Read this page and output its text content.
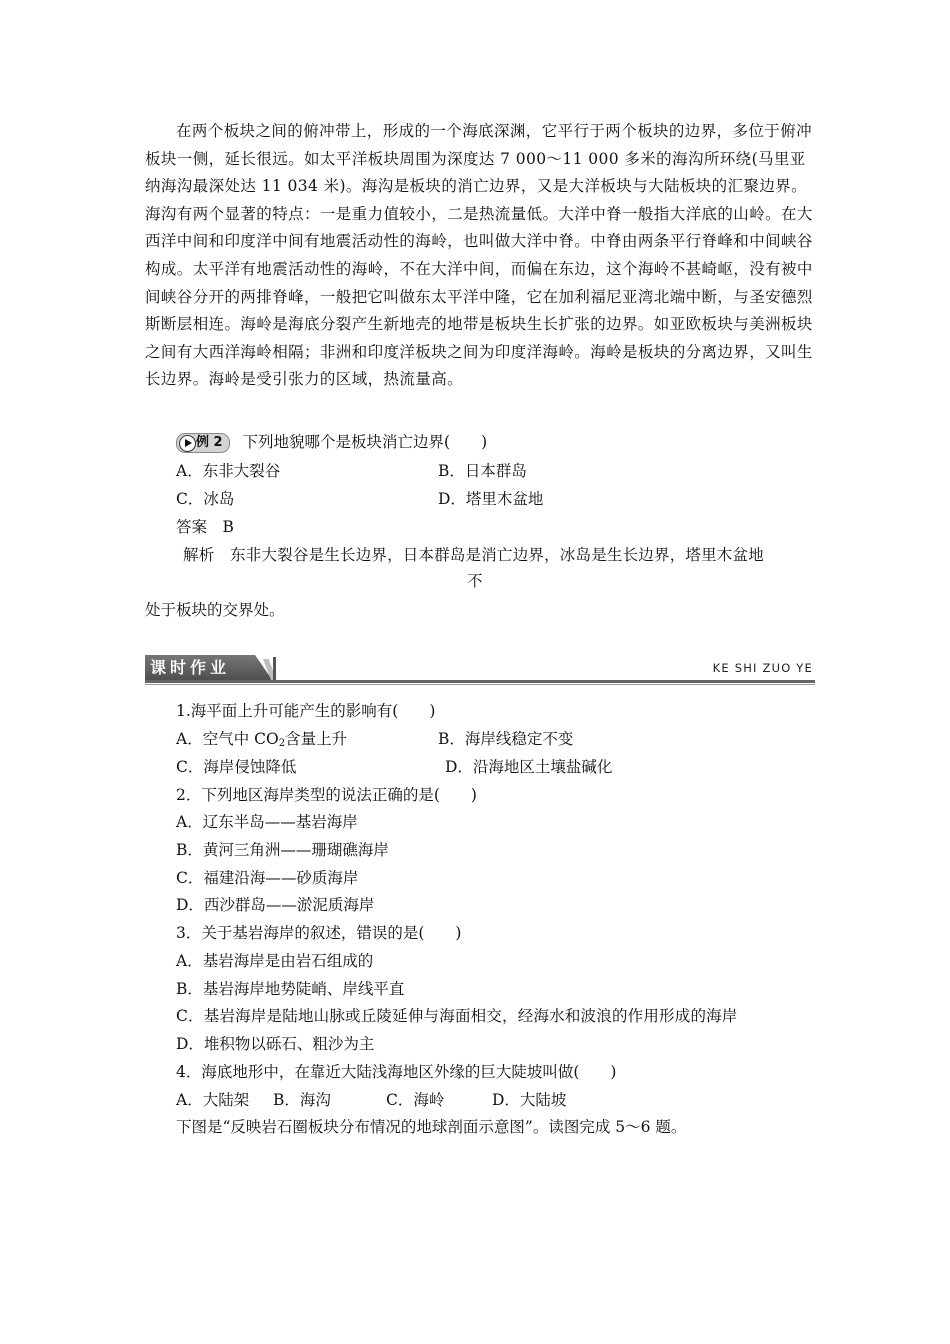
在两个板块之间的俯冲带上，形成的一个海底深渊，它平行于两个板块的边界，多位于俯冲板块一侧，延长很远。如太平洋板块周围为深度达 7 000～11 000 多米的海沟所环绕(马里亚纳海沟最深处达 11 034 米)。海沟是板块的消亡边界，又是大洋板块与大陆板块的汇聚边界。海沟有两个显著的特点：一是重力值较小，二是热流量低。大洋中脊一般指大洋底的山岭。在大西洋中间和印度洋中间有地震活动性的海岭，也叫做大洋中脊。中脊由两条平行脊峰和中间峡谷构成。太平洋有地震活动性的海岭，不在大洋中间，而偏在东边，这个海岭不甚崎岖，没有被中间峡谷分开的两排脊峰，一般把它叫做东太平洋中隆，它在加利福尼亚湾北端中断，与圣安德烈斯断层相连。海岭是海底分裂产生新地壳的地带是板块生长扩张的边界。如亚欧板块与美洲板块之间有大西洋海岭相隔；非洲和印度洋板块之间为印度洋海岭。海岭是板块的分离边界，又叫生长边界。海岭是受引张力的区域，热流量高。
例 2 下列地貌哪个是板块消亡边界(　　)
A．东非大裂谷	B．日本群岛
C．冰岛	D．塔里木盆地
答案　B
解析　东非大裂谷是生长边界，日本群岛是消亡边界，冰岛是生长边界，塔里木盆地
不
处于板块的交界处。
课时作业	KE SHI ZUO YE
1.海平面上升可能产生的影响有(　　)
A．空气中 $CO_2$含量上升	B．海岸线稳定不变
C．海岸侵蚀降低	D．沿海地区土壤盐碱化
2．下列地区海岸类型的说法正确的是(　　)
A．辽东半岛——基岩海岸
B．黄河三角洲——珊瑚礁海岸
C．福建沿海——砂质海岸
D．西沙群岛——淤泥质海岸
3．关于基岩海岸的叙述，错误的是(　　)
A．基岩海岸是由岩石组成的
B．基岩海岸地势陡峭、岸线平直
C．基岩海岸是陆地山脉或丘陵延伸与海面相交，经海水和波浪的作用形成的海岸
D．堆积物以砾石、粗沙为主
4．海底地形中，在靠近大陆浅海地区外缘的巨大陡坡叫做(　　)
A．大陆架 B．海沟	C．海岭	D．大陆坡
下图是“反映岩石圈板块分布情况的地球剖面示意图”。读图完成 5～6 题。
